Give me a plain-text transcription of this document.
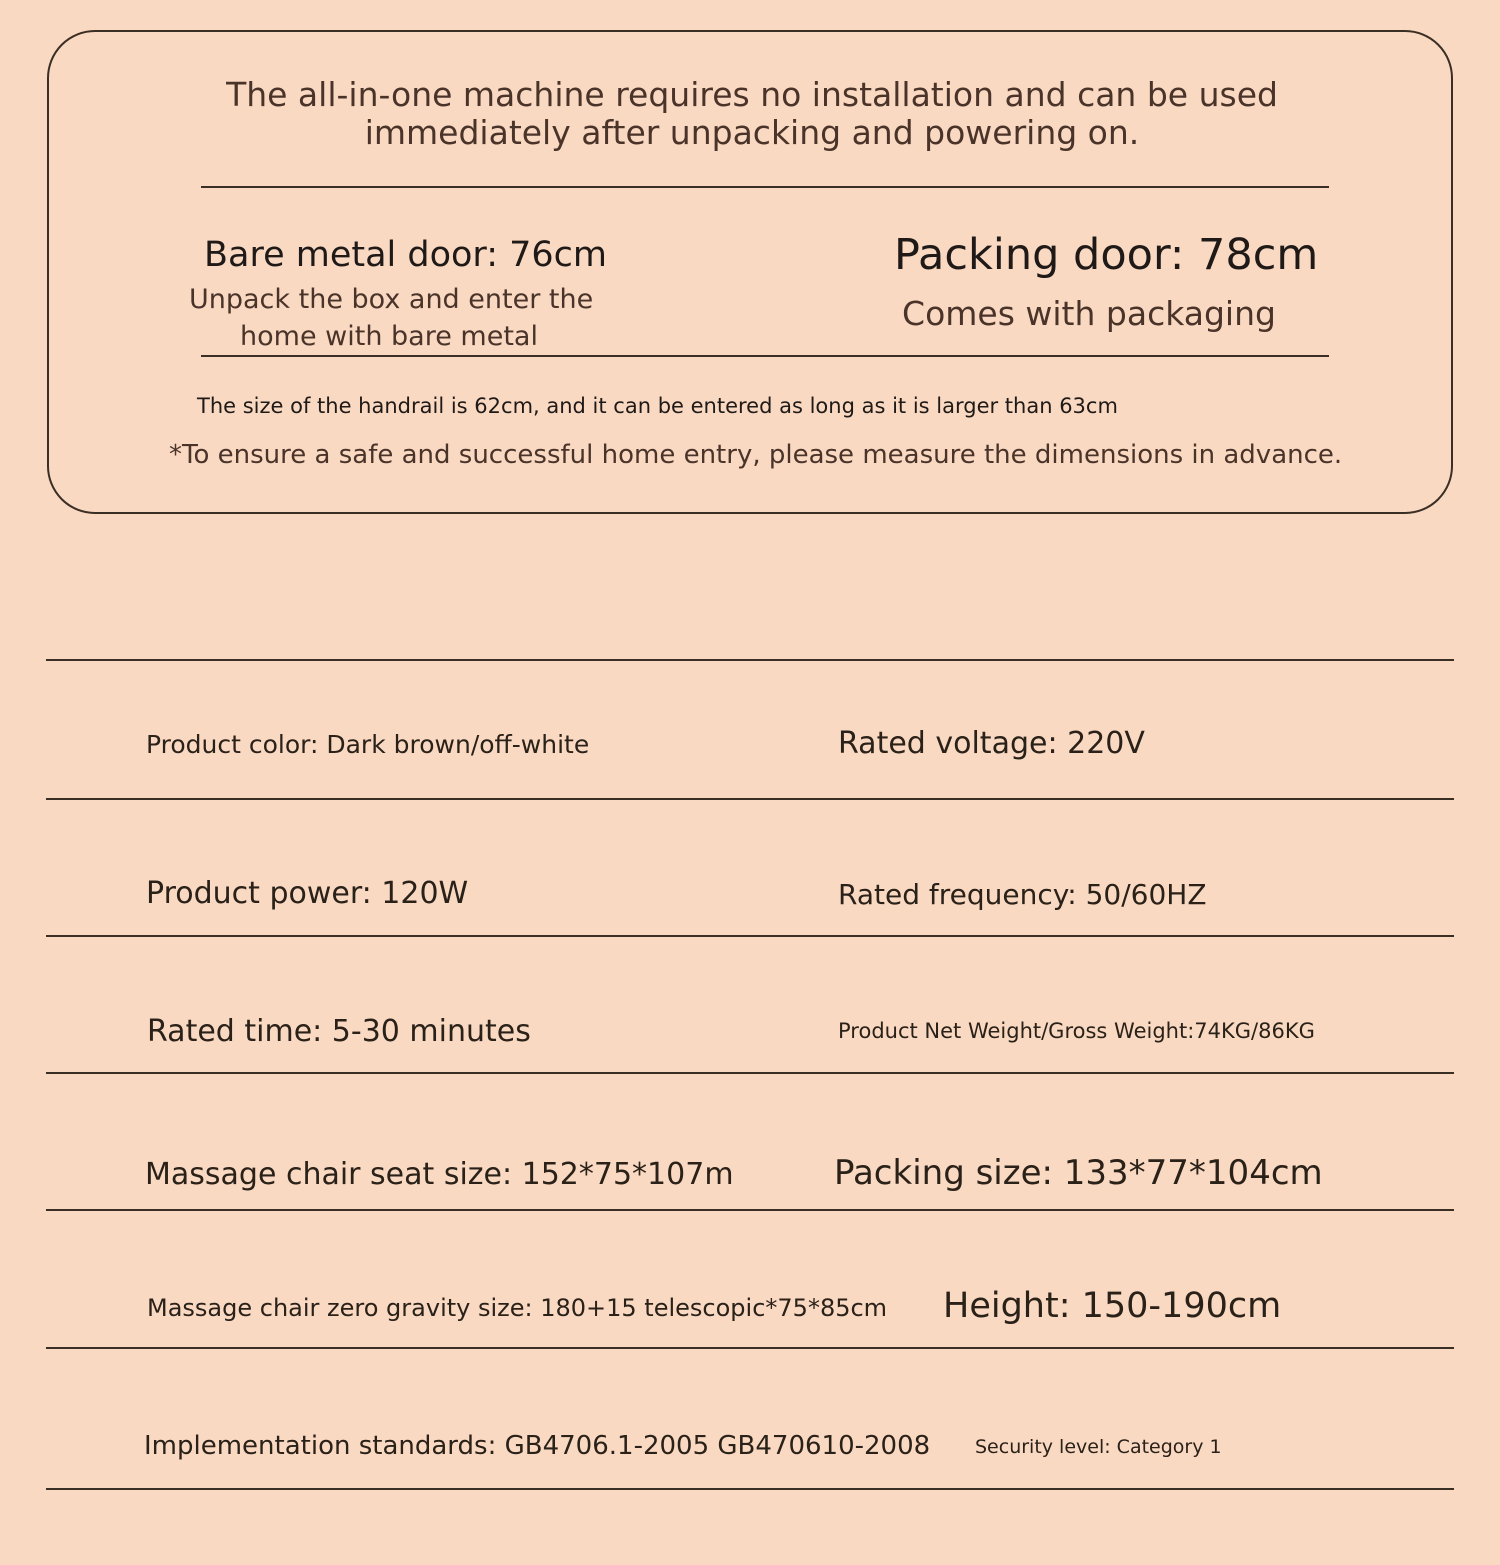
The all-in-one machine requires no installation and can be used
immediately after unpacking and powering on.
Bare metal door: 76cm
Unpack the box and enter the
home with bare metal
Packing door: 78cm
Comes with packaging
The size of the handrail is 62cm, and it can be entered as long as it is larger than 63cm
*To ensure a safe and successful home entry, please measure the dimensions in advance.
Product color: Dark brown/off-white	Rated voltage: 220V
Product power: 120W	Rated frequency: 50/60HZ
Rated time: 5-30 minutes	Product Net Weight/Gross Weight:74KG/86KG
Massage chair seat size: 152*75*107m	Packing size: 133*77*104cm
Massage chair zero gravity size: 180+15 telescopic*75*85cm Height: 150-190cm
Implementation standards: GB4706.1-2005 GB470610-2008 Security level: Category 1
